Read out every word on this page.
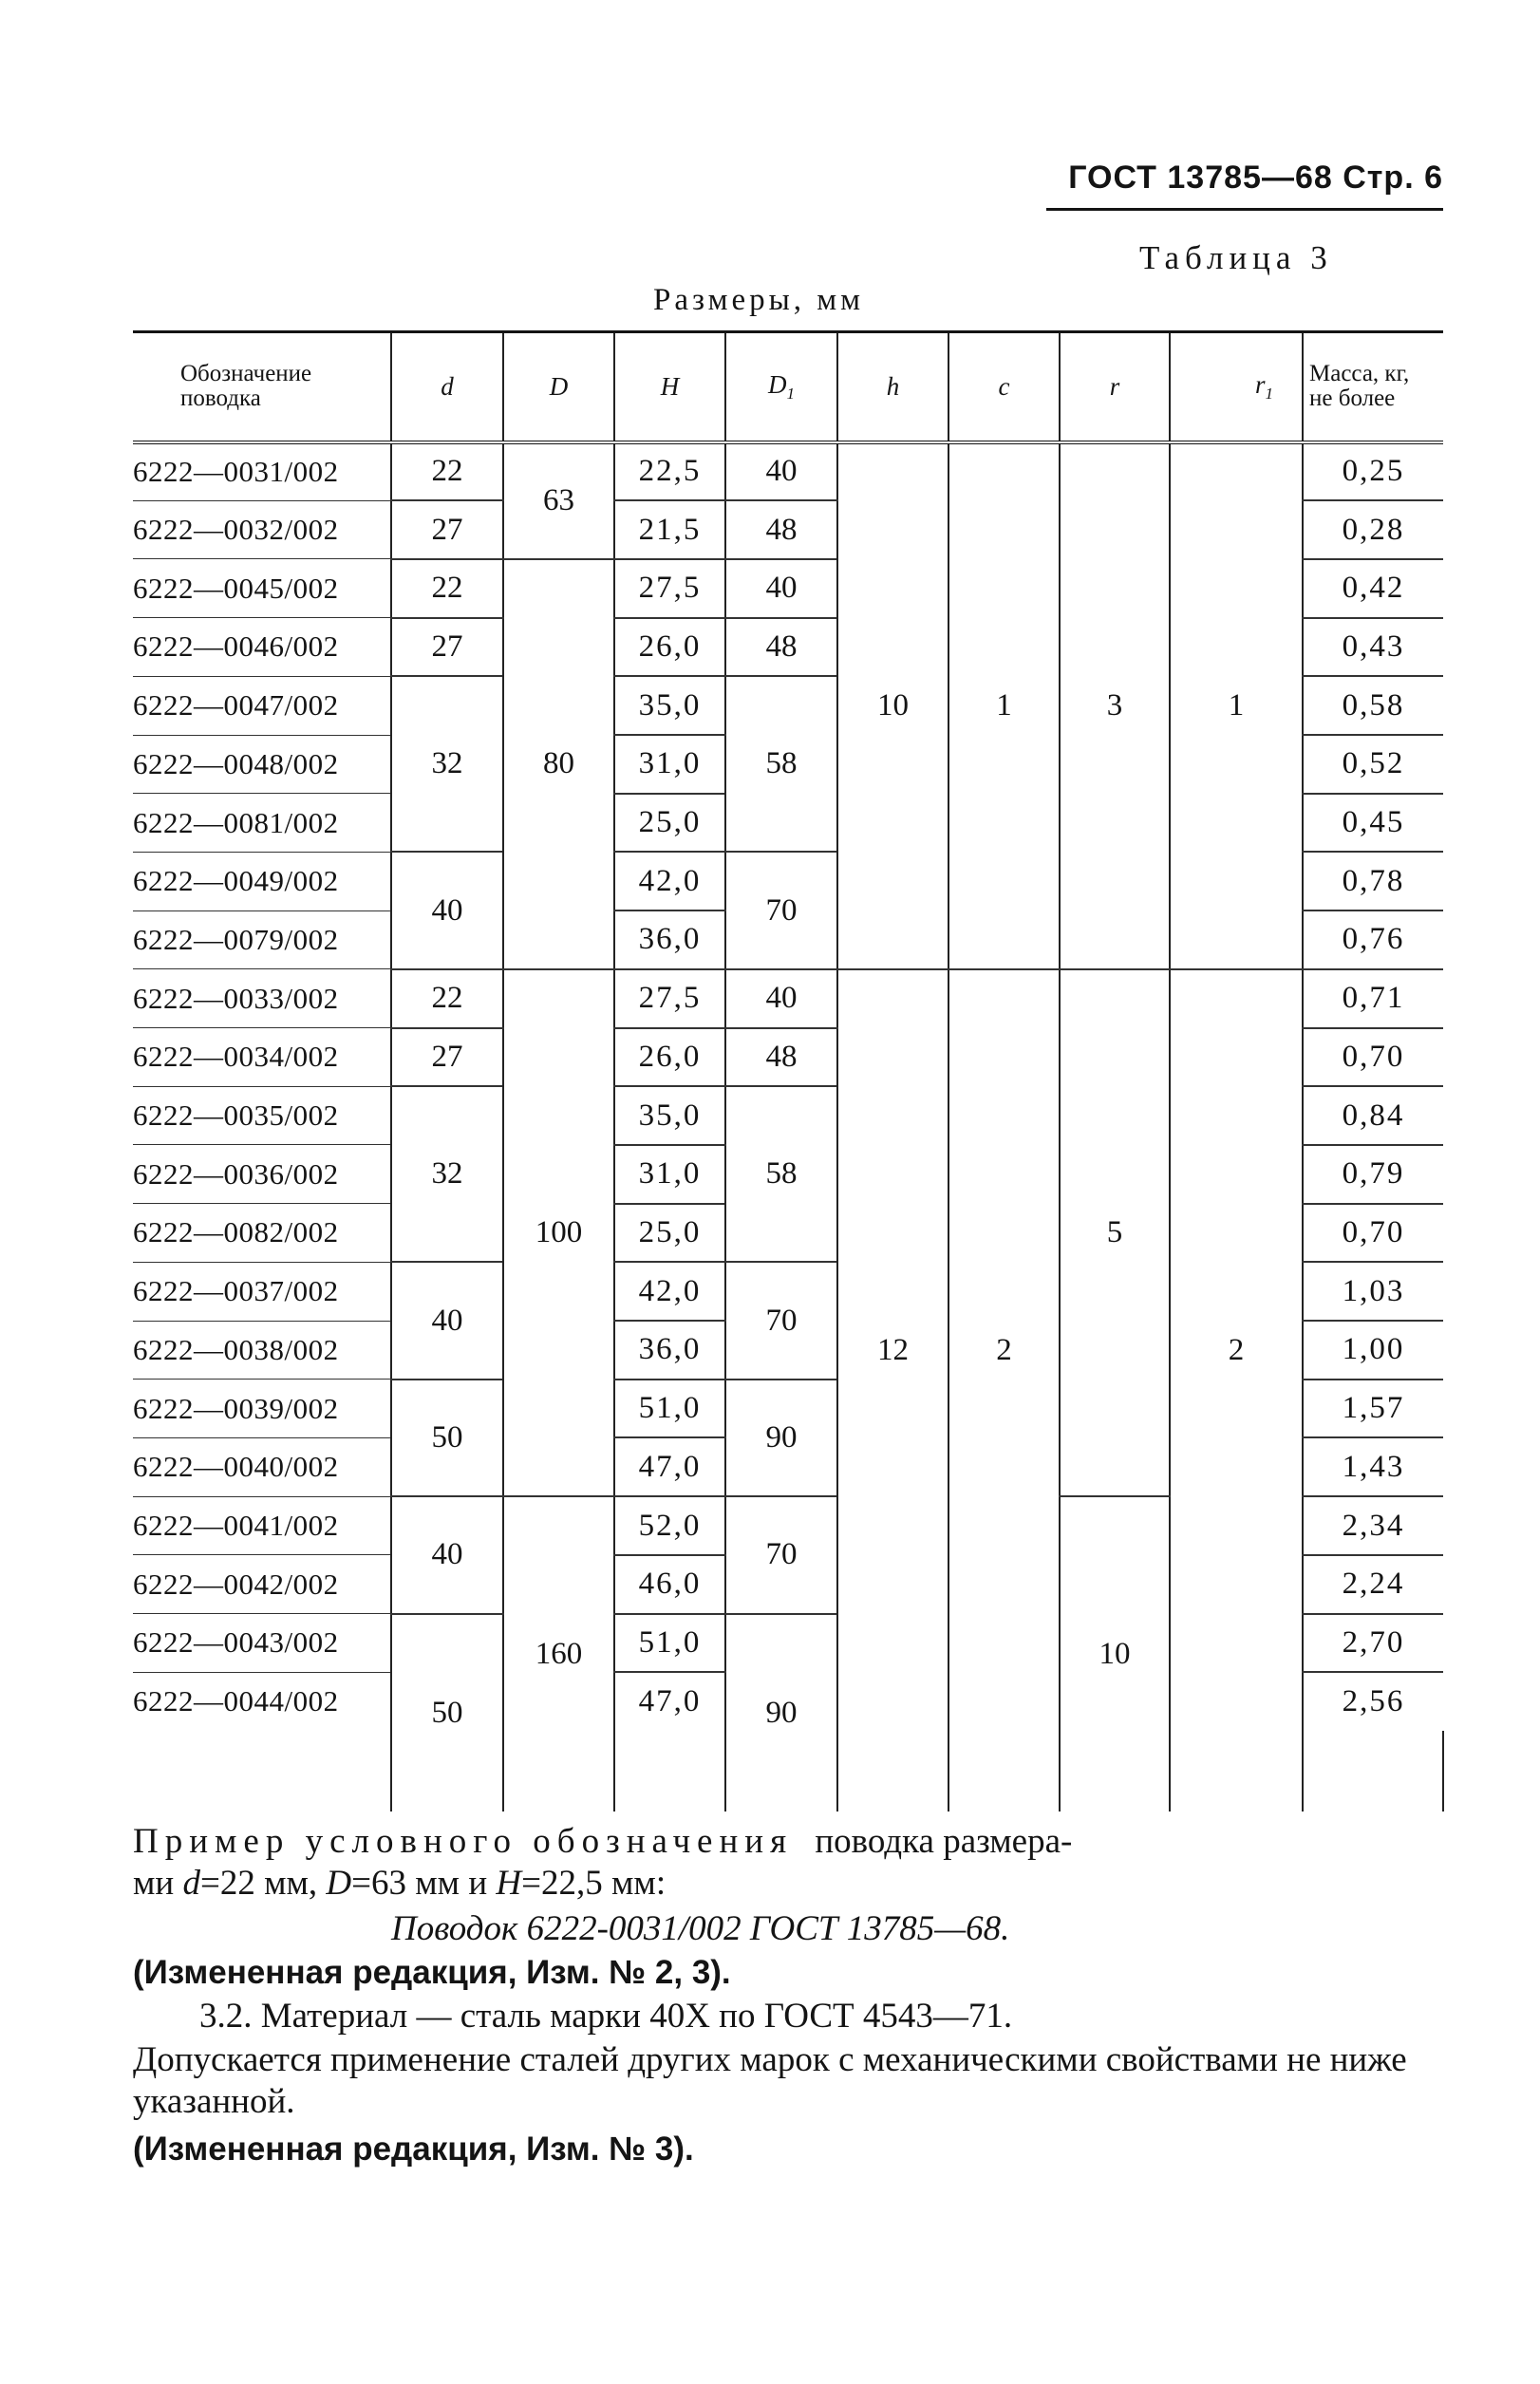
ГОСТ 13785—68 Стр. 6
Таблица 3
Размеры, мм
Обозначение
поводка	d	D	H	$D_1$	h	c	r	$r_1$	Масса, кг,
не более	
6222—0031/002	22	63	22,5	40	10	1	3	1	0,25	
6222—0032/002	27		21,5	48					0,28	
6222—0045/002	22	80	27,5	40					0,42	
6222—0046/002	27		26,0	48					0,43	
6222—0047/002	32		35,0	58					0,58	
6222—0048/002			31,0						0,52	
6222—0081/002			25,0						0,45	
6222—0049/002	40		42,0	70					0,78	
6222—0079/002			36,0						0,76	
6222—0033/002	22	100	27,5	40	12	2	5	2	0,71	
6222—0034/002	27		26,0	48					0,70	
6222—0035/002	32		35,0	58					0,84	
6222—0036/002			31,0						0,79	
6222—0082/002			25,0						0,70	
6222—0037/002	40		42,0	70					1,03	
6222—0038/002			36,0						1,00	
6222—0039/002	50		51,0	90					1,57	
6222—0040/002			47,0						1,43	
6222—0041/002	40	160	52,0	70			10		2,34	
6222—0042/002			46,0						2,24	
6222—0043/002	50		51,0	90					2,70	
6222—0044/002			47,0						2,56	

Пример условного обозначения поводка размера-
ми d=22 мм, D=63 мм и H=22,5 мм:
Поводок 6222-0031/002 ГОСТ 13785—68.
(Измененная редакция, Изм. № 2, 3).
3.2. Материал — сталь марки 40Х по ГОСТ 4543—71.
Допускается применение сталей других марок с механическими свойствами не ниже указанной.
(Измененная редакция, Изм. № 3).
